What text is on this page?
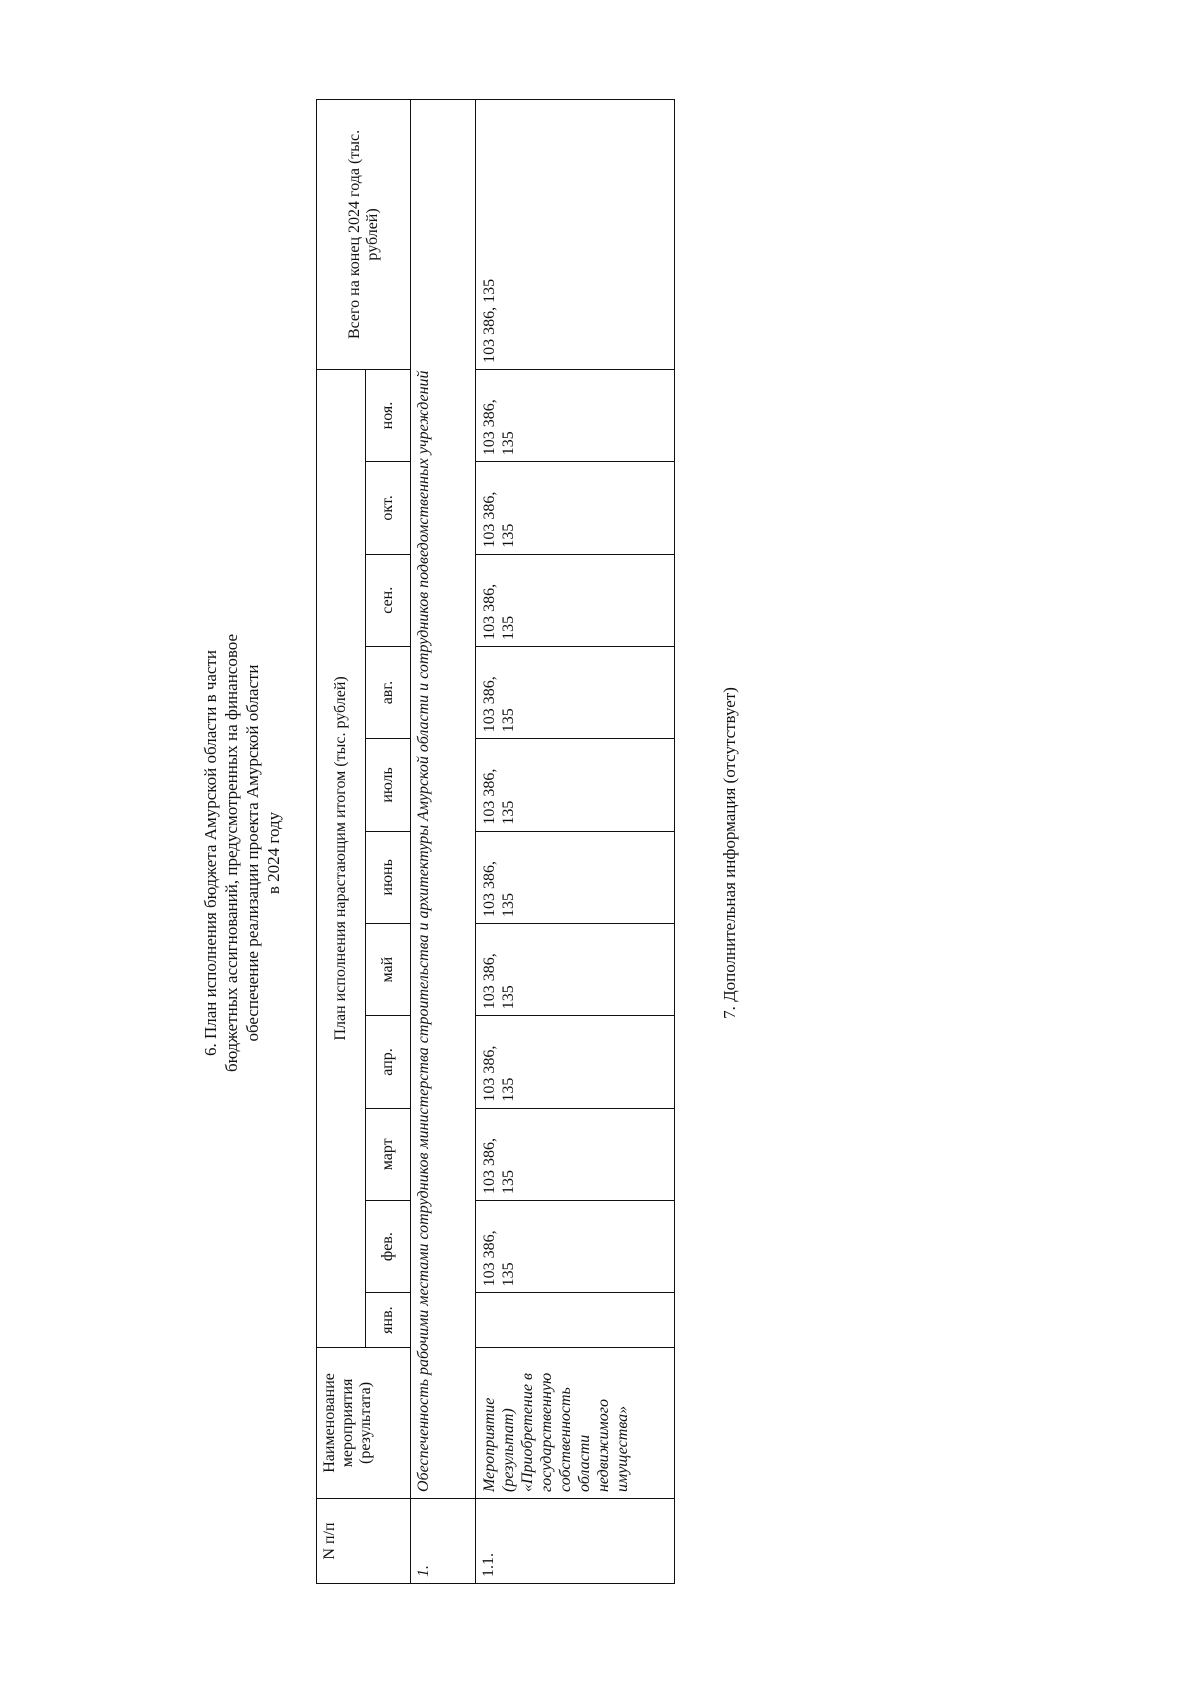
6. План исполнения бюджета Амурской области в части бюджетных ассигнований, предусмотренных на финансовое обеспечение реализации проекта Амурской области в 2024 году
N п/п	Наименование мероприятия (результата)	План исполнения нарастающим итогом (тыс. рублей)											Всего на конец 2024 года (тыс. рублей)
		янв.	фев.	март	апр.	май	июнь	июль	авг.	сен.	окт.	ноя.	
1.	Обеспеченность рабочими местами сотрудников министерства строительства и архитектуры Амурской области и сотрудников подведомственных учреждений												
1.1.	Мероприятие (результат) «Приобретение в государственную собственность области недвижимого имущества»		103 386, 135	103 386, 135	103 386, 135	103 386, 135	103 386, 135	103 386, 135	103 386, 135	103 386, 135	103 386, 135	103 386, 135	103 386, 135
7. Дополнительная информация (отсутствует)
